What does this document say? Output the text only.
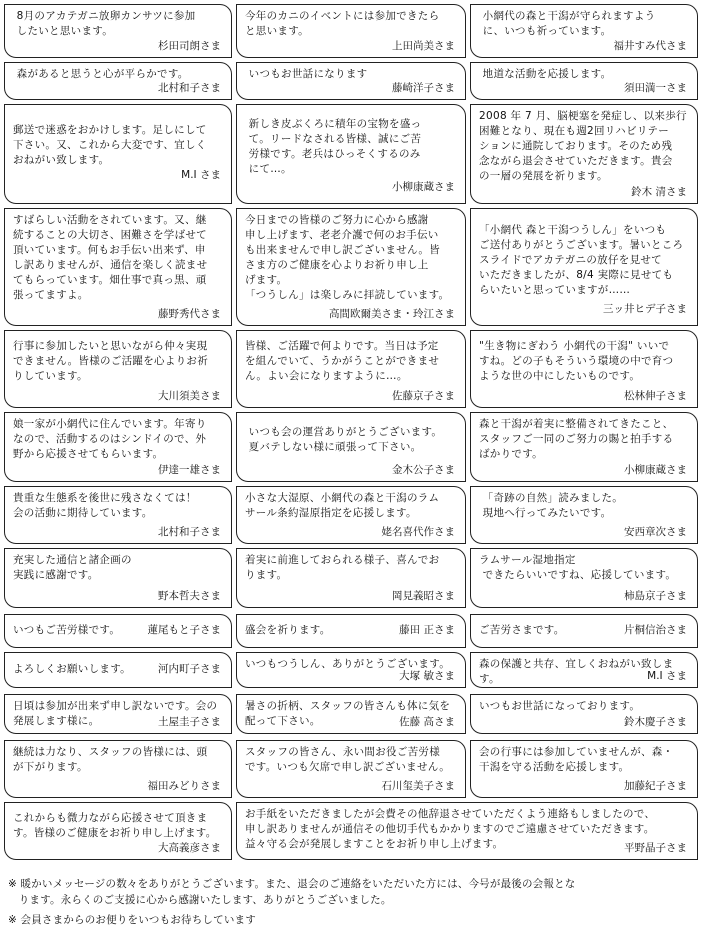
8月のアカテガニ放卵カンサツに参加
したいと思います。
杉田司朗さま
今年のカニのイベントには参加できたら
と思います。
上田尚美さま
小網代の森と干潟が守られますよう
に、いつも祈っています。
福井すみ代さま
森があると思うと心が平らかです。
北村和子さま
いつもお世話になります
藤崎洋子さま
地道な活動を応援します。
須田満一さま
郵送で迷惑をおかけします。足しにして
下さい。又、これから大変です、宜しく
おねがい致します。
M.I さま
新しき皮ぶくろに積年の宝物を盛っ
て。リードなされる皆様、誠にご苦
労様です。老兵はひっそくするのみ
にて…。
小柳康蔵さま
2008 年 7 月、脳梗塞を発症し、以来歩行
困難となり、現在も週2回リハビリテー
ションに通院しております。そのため残
念ながら退会させていただきます。貴会
の一層の発展を祈ります。
鈴木 清さま
すばらしい活動をされています。又、継
続することの大切さ、困難さを学ばせて
頂いています。何もお手伝い出来ず、申
し訳ありませんが、通信を楽しく読ませ
てもらっています。畑仕事で真っ黒、頑
張ってますよ。
藤野秀代さま
今日までの皆様のご努力に心から感謝
申し上げます、老老介護で何のお手伝い
も出来ませんで申し訳ございません。皆
さま方のご健康を心よりお祈り申し上
げます。
「つうしん」は楽しみに拝読しています。
高間欧爾美さま・玲江さま
「小網代 森と干潟つうしん」をいつも
ご送付ありがとうございます。暑いところ
スライドでアカテガニの放仔を見せて
いただきましたが、8/4 実際に見せても
らいたいと思っていますが……
三ッ井ヒデ子さま
行事に参加したいと思いながら仲々実現
できません。皆様のご活躍を心よりお祈
りしています。
大川須美さま
皆様、ご活躍で何よりです。当日は予定
を組んでいて、うかがうことができませ
ん。よい会になりますように…。
佐藤京子さま
"生き物にぎわう 小網代の干潟" いいで
すね。どの子もそういう環境の中で育つ
ような世の中にしたいものです。
松林伸子さま
娘一家が小網代に住んでいます。年寄り
なので、活動するのはシンドイので、外
野から応援させてもらいます。
伊達一雄さま
いつも会の運営ありがとうございます。
夏バテしない様に頑張って下さい。
金木公子さま
森と干潟が着実に整備されてきたこと、
スタッフご一同のご努力の賜と拍手する
ばかりです。
小柳康蔵さま
貴重な生態系を後世に残さなくては！
会の活動に期待しています。
北村和子さま
小さな大湿原、小網代の森と干潟のラム
サール条約湿原指定を応援します。
姥名喜代作さま
「奇跡の自然」読みました。
現地へ行ってみたいです。
安西章次さま
充実した通信と諸企画の
実践に感謝です。
野本哲夫さま
着実に前進しておられる様子、喜んでお
ります。
岡見義昭さま
ラムサール湿地指定
できたらいいですね、応援しています。
柿島京子さま
いつもご苦労様です。	蓮尾もと子さま 盛会を祈ります。	藤田 正さま ご苦労さまです。	片桐信治さま
よろしくお願いします。	河内町子さま いつもつうしん、ありがとうございます。
大塚 敏さま
森の保護と共存、宜しくおねがい致しま
す。	M.I さま
日頃は参加が出来ず申し訳ないです。会の
発展します様に。	土屋圭子さま
暑さの折柄、スタッフの皆さんも体に気を
配って下さい。	佐藤 高さま
いつもお世話になっております。
鈴木慶子さま
継続は力なり、スタッフの皆様には、頭
が下がります。
福田みどりさま
スタッフの皆さん、永い間お役ご苦労様
です。いつも欠席で申し訳ございません。
石川玺美子さま
会の行事には参加していませんが、森・
干潟を守る活動を応援します。
加藤紀子さま
これからも微力ながら応援させて頂きま
す。皆様のご健康をお祈り申し上げます。
大高義彦さま
お手紙をいただきましたが会費その他辞退させていただくよう連絡もしましたので、
申し訳ありませんが通信その他切手代もかかりますのでご遠慮させていただきます。
益々守る会が発展しますことをお祈り申し上げます。	平野晶子さま

※ 暖かいメッセージの数々をありがとうございます。また、退会のご連絡をいただいた方には、今号が最後の会報とな
　ります。永らくのご支援に心から感謝いたします、ありがとうございました。

※ 会員さまからのお便りをいつもお待ちしています
